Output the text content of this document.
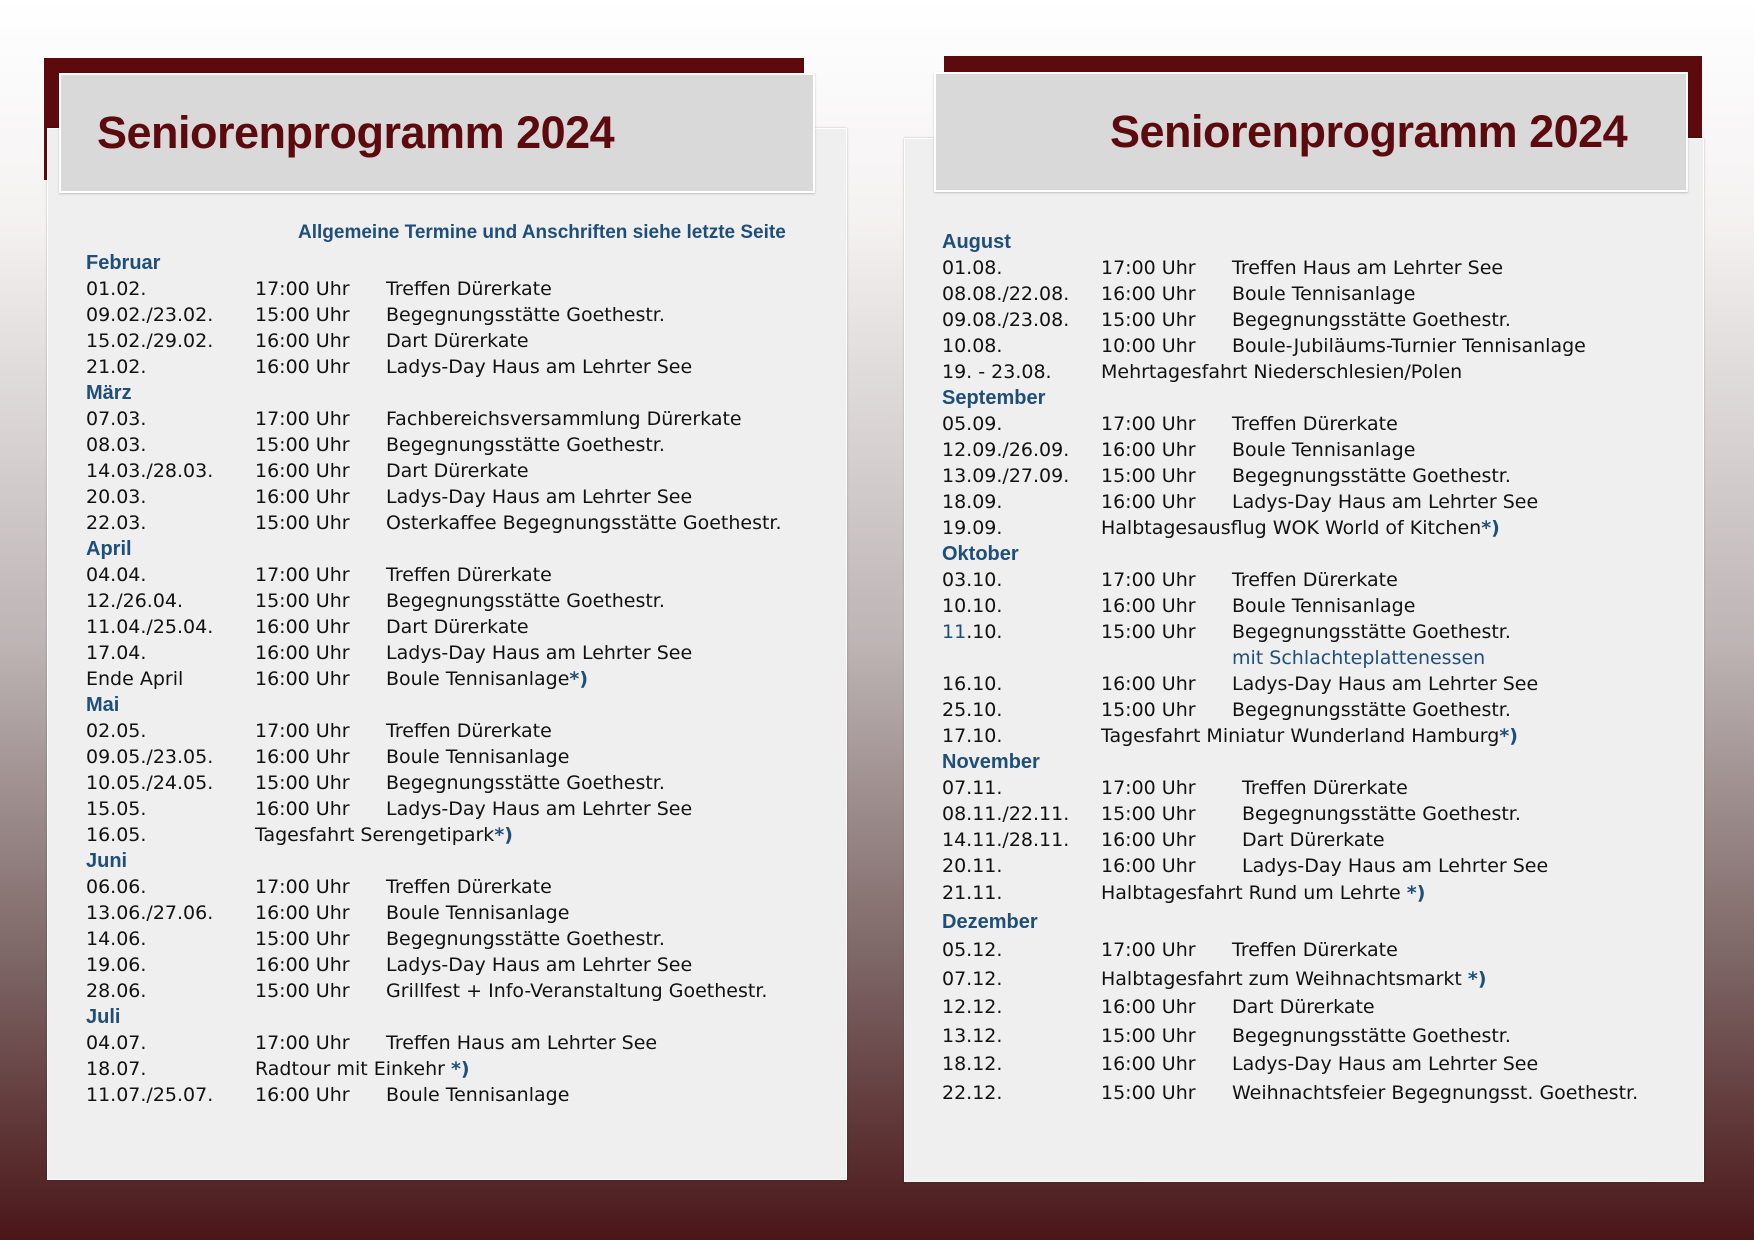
Seniorenprogramm 2024
Allgemeine Termine und Anschriften siehe letzte Seite
Februar
01.02.	17:00 Uhr Treffen Dürerkate
09.02./23.02. 15:00 Uhr Begegnungsstätte Goethestr.
15.02./29.02. 16:00 Uhr Dart Dürerkate
21.02.	16:00 Uhr Ladys-Day Haus am Lehrter See
März
07.03.	17:00 Uhr Fachbereichsversammlung Dürerkate
08.03.	15:00 Uhr Begegnungsstätte Goethestr.
14.03./28.03. 16:00 Uhr Dart Dürerkate
20.03.	16:00 Uhr Ladys-Day Haus am Lehrter See
22.03.	15:00 Uhr Osterkaffee Begegnungsstätte Goethestr.
April
04.04.	17:00 Uhr Treffen Dürerkate
12./26.04.	15:00 Uhr Begegnungsstätte Goethestr.
11.04./25.04. 16:00 Uhr Dart Dürerkate
17.04.	16:00 Uhr Ladys-Day Haus am Lehrter See
Ende April	16:00 Uhr Boule Tennisanlage*)
Mai
02.05.	17:00 Uhr Treffen Dürerkate
09.05./23.05. 16:00 Uhr Boule Tennisanlage
10.05./24.05. 15:00 Uhr Begegnungsstätte Goethestr.
15.05.	16:00 Uhr Ladys-Day Haus am Lehrter See
16.05.	Tagesfahrt Serengetipark*)
Juni
06.06.	17:00 Uhr Treffen Dürerkate
13.06./27.06. 16:00 Uhr Boule Tennisanlage
14.06.	15:00 Uhr Begegnungsstätte Goethestr.
19.06.	16:00 Uhr Ladys-Day Haus am Lehrter See
28.06.	15:00 Uhr Grillfest + Info-Veranstaltung Goethestr.
Juli
04.07.	17:00 Uhr Treffen Haus am Lehrter See
18.07.	Radtour mit Einkehr *)
11.07./25.07. 16:00 Uhr Boule Tennisanlage
Seniorenprogramm 2024
August
01.08.	17:00 Uhr Treffen Haus am Lehrter See
08.08./22.08. 16:00 Uhr Boule Tennisanlage
09.08./23.08. 15:00 Uhr Begegnungsstätte Goethestr.
10.08.	10:00 Uhr Boule-Jubiläums-Turnier Tennisanlage
19. - 23.08.	Mehrtagesfahrt Niederschlesien/Polen
September
05.09.	17:00 Uhr Treffen Dürerkate
12.09./26.09. 16:00 Uhr Boule Tennisanlage
13.09./27.09. 15:00 Uhr Begegnungsstätte Goethestr.
18.09.	16:00 Uhr Ladys-Day Haus am Lehrter See
19.09.	Halbtagesausflug WOK World of Kitchen*)
Oktober
03.10.	17:00 Uhr Treffen Dürerkate
10.10.	16:00 Uhr Boule Tennisanlage
11.10.	15:00 Uhr Begegnungsstätte Goethestr.
mit Schlachteplattenessen
16.10.	16:00 Uhr Ladys-Day Haus am Lehrter See
25.10.	15:00 Uhr Begegnungsstätte Goethestr.
17.10.	Tagesfahrt Miniatur Wunderland Hamburg*)
November
07.11.	17:00 Uhr Treffen Dürerkate
08.11./22.11. 15:00 Uhr Begegnungsstätte Goethestr.
14.11./28.11. 16:00 Uhr Dart Dürerkate
20.11.	16:00 Uhr Ladys-Day Haus am Lehrter See
21.11.	Halbtagesfahrt Rund um Lehrte *)
Dezember
05.12.	17:00 Uhr Treffen Dürerkate
07.12.	Halbtagesfahrt zum Weihnachtsmarkt *)
12.12.	16:00 Uhr Dart Dürerkate
13.12.	15:00 Uhr Begegnungsstätte Goethestr.
18.12.	16:00 Uhr Ladys-Day Haus am Lehrter See
22.12.	15:00 Uhr Weihnachtsfeier Begegnungsst. Goethestr.
